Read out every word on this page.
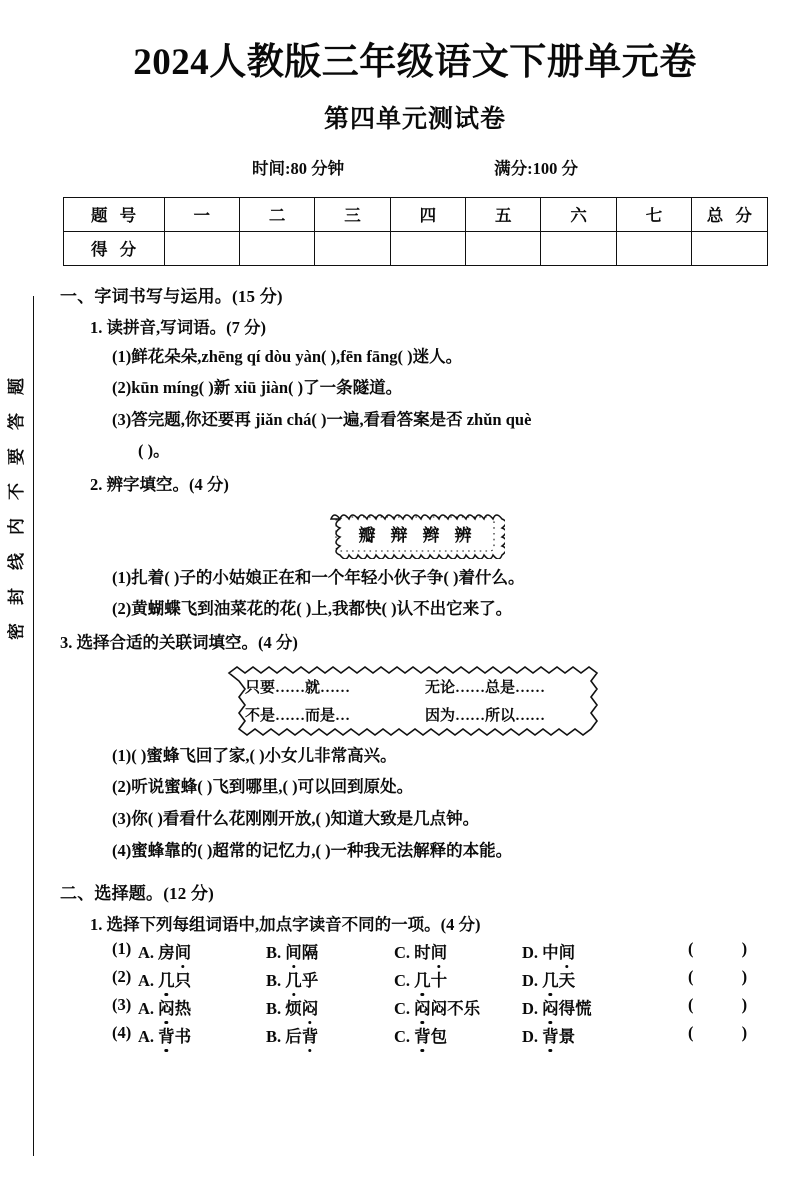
题
答
要
不
内
线
封
密
2024人教版三年级语文下册单元卷
第四单元测试卷
时间:80 分钟	满分:100 分
题 号	一	二	三	四	五	六	七	总 分
得 分								
一、字词书写与运用。(15 分)
1. 读拼音,写词语。(7 分)
(1)鲜花朵朵,zhēng qí dòu yàn( ),fēn fāng( )迷人。
(2)kūn míng( )新 xiū jiàn( )了一条隧道。
(3)答完题,你还要再 jiǎn chá( )一遍,看看答案是否 zhǔn què
( )。
2. 辨字填空。(4 分)
瓣 辩 辫 辨
(1)扎着( )子的小姑娘正在和一个年轻小伙子争( )着什么。
(2)黄蝴蝶飞到油菜花的花( )上,我都快( )认不出它来了。
3. 选择合适的关联词填空。(4 分)
只要……就……	无论……总是……
不是……而是…	因为……所以……
(1)( )蜜蜂飞回了家,( )小女儿非常高兴。
(2)听说蜜蜂( )飞到哪里,( )可以回到原处。
(3)你( )看看什么花刚刚开放,( )知道大致是几点钟。
(4)蜜蜂靠的( )超常的记忆力,( )一种我无法解释的本能。
二、选择题。(12 分)
1. 选择下列每组词语中,加点字读音不同的一项。(4 分)
(1) A. 房间	B. 间隔	C. 时间	D. 中间	( )
(2) A. 几只	B. 几乎	C. 几十	D. 几天	( )
(3) A. 闷热	B. 烦闷	C. 闷闷不乐	D. 闷得慌	( )
(4) A. 背书	B. 后背	C. 背包	D. 背景	( )
